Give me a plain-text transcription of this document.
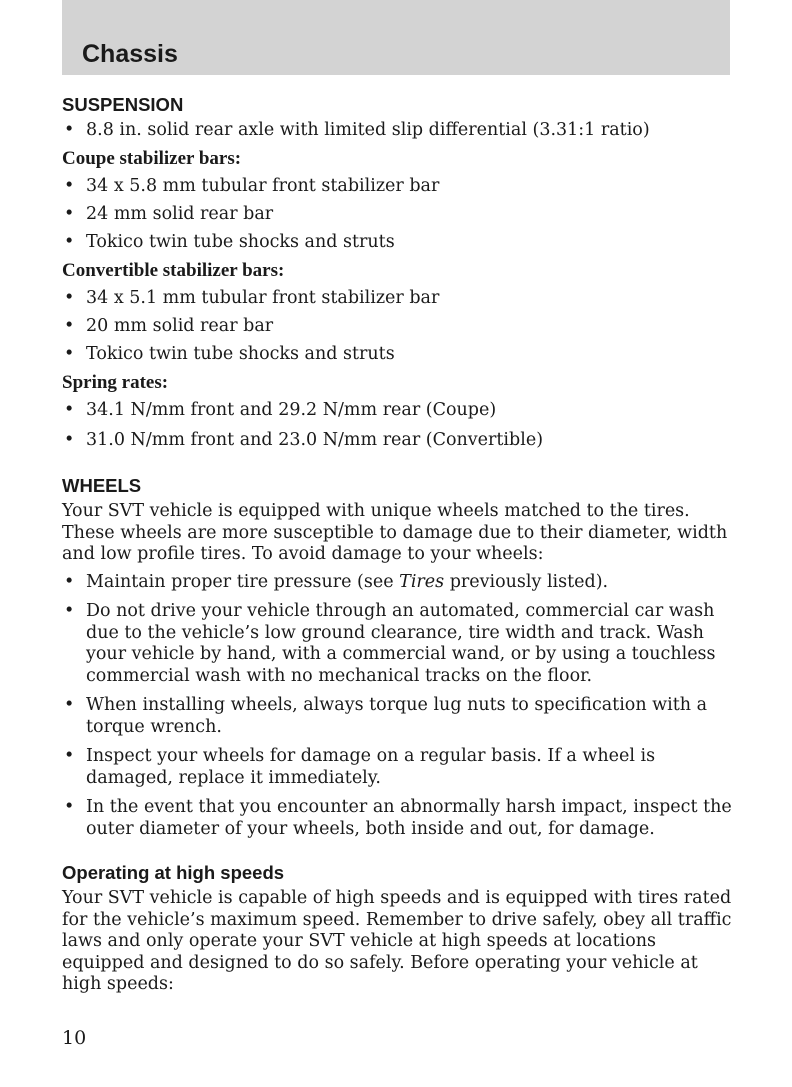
Chassis
SUSPENSION
• 8.8 in. solid rear axle with limited slip differential (3.31:1 ratio)
Coupe stabilizer bars:
• 34 x 5.8 mm tubular front stabilizer bar
• 24 mm solid rear bar
• Tokico twin tube shocks and struts
Convertible stabilizer bars:
• 34 x 5.1 mm tubular front stabilizer bar
• 20 mm solid rear bar
• Tokico twin tube shocks and struts
Spring rates:
• 34.1 N/mm front and 29.2 N/mm rear (Coupe)
• 31.0 N/mm front and 23.0 N/mm rear (Convertible)
WHEELS

Your SVT vehicle is equipped with unique wheels matched to the tires. These wheels are more susceptible to damage due to their diameter, width and low profile tires. To avoid damage to your wheels:

• Maintain proper tire pressure (see Tires previously listed).
• Do not drive your vehicle through an automated, commercial car wash due to the vehicle’s low ground clearance, tire width and track. Wash your vehicle by hand, with a commercial wand, or by using a touchless commercial wash with no mechanical tracks on the floor.
• When installing wheels, always torque lug nuts to specification with a torque wrench.
• Inspect your wheels for damage on a regular basis. If a wheel is damaged, replace it immediately.
• In the event that you encounter an abnormally harsh impact, inspect the outer diameter of your wheels, both inside and out, for damage.
Operating at high speeds

Your SVT vehicle is capable of high speeds and is equipped with tires rated for the vehicle’s maximum speed. Remember to drive safely, obey all traffic laws and only operate your SVT vehicle at high speeds at locations equipped and designed to do so safely. Before operating your vehicle at high speeds:

10
